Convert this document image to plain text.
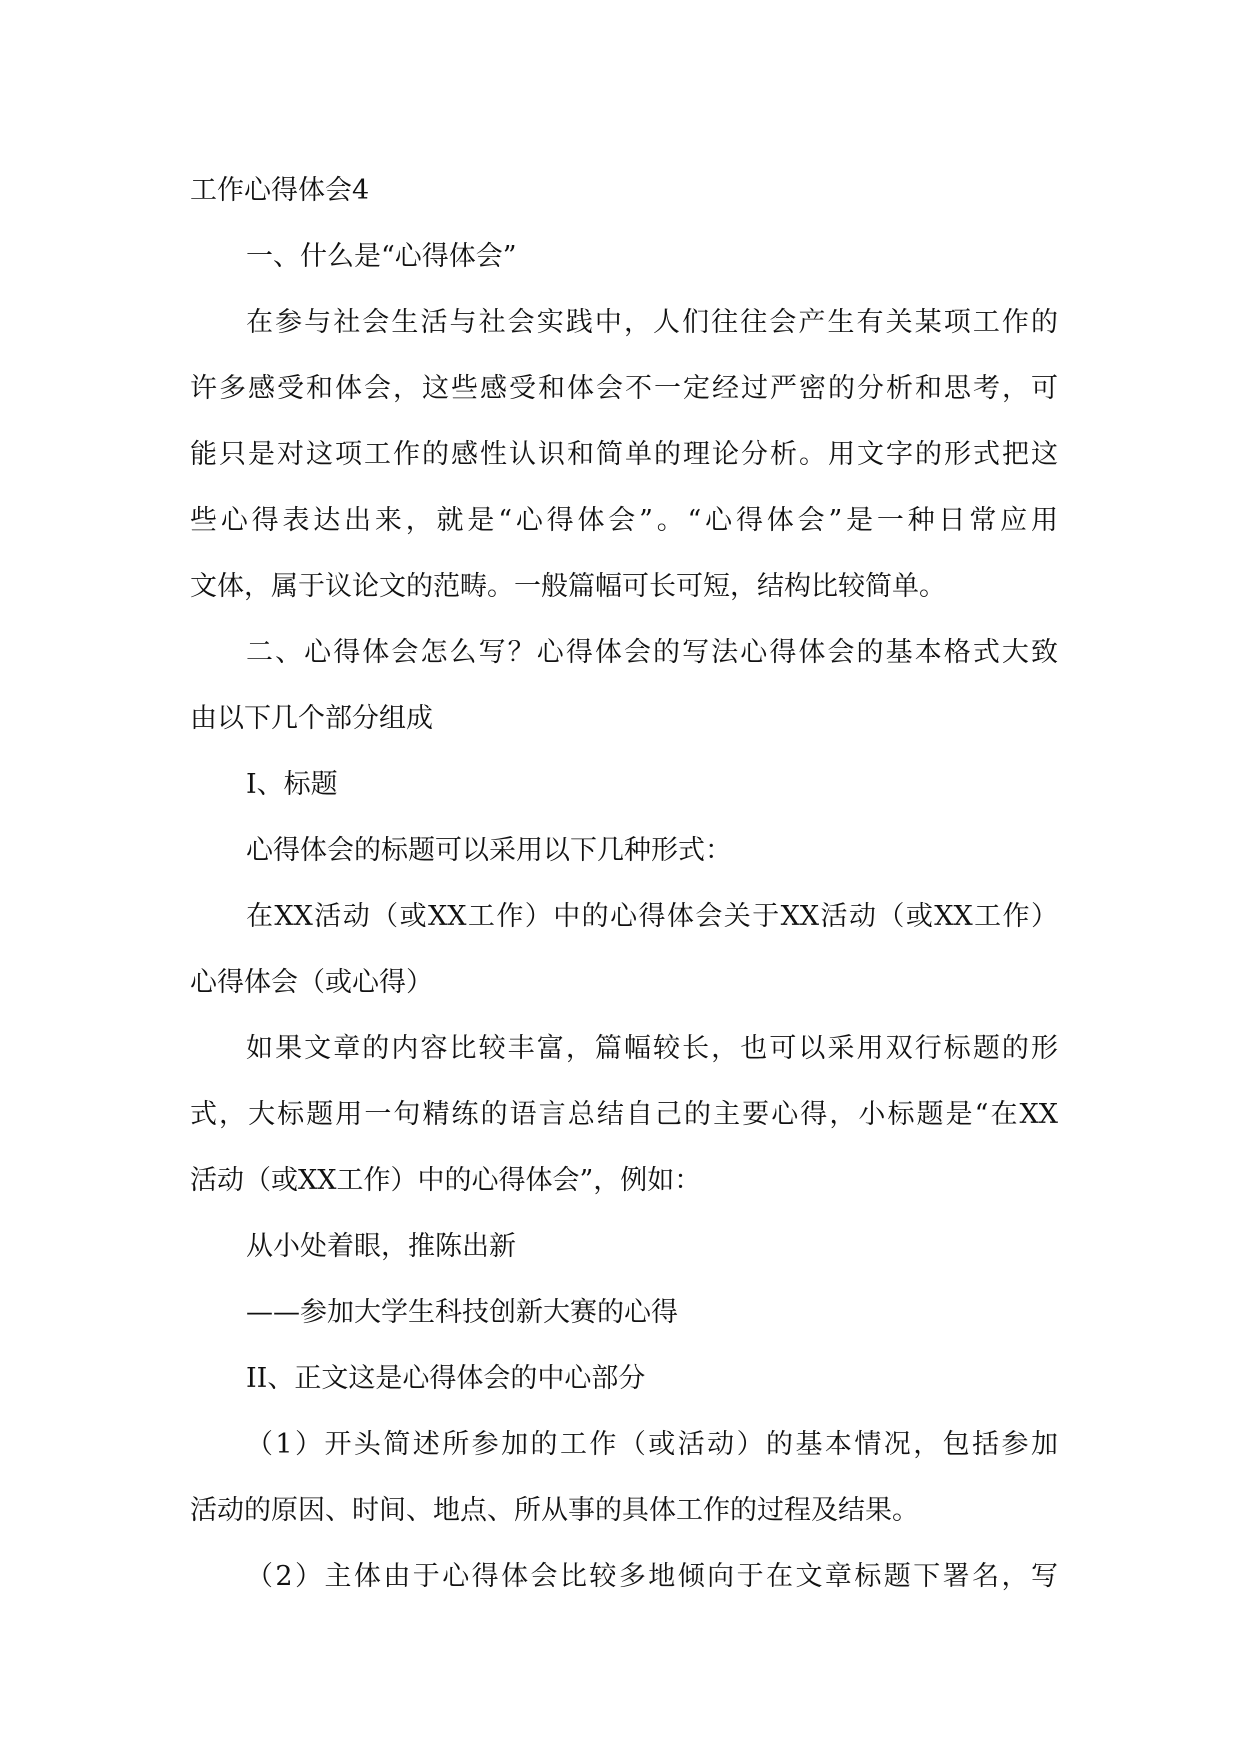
工作心得体会4
一、什么是“心得体会”
在参与社会生活与社会实践中，人们往往会产生有关某项工作的
许多感受和体会，这些感受和体会不一定经过严密的分析和思考，可
能只是对这项工作的感性认识和简单的理论分析。用文字的形式把这
些心得表达出来，就是“心得体会”。“心得体会”是一种日常应用
文体，属于议论文的范畴。一般篇幅可长可短，结构比较简单。
二、心得体会怎么写？心得体会的写法心得体会的基本格式大致
由以下几个部分组成
I、标题
心得体会的标题可以采用以下几种形式：
在XX活动（或XX工作）中的心得体会关于XX活动（或XX工作）
心得体会（或心得）
如果文章的内容比较丰富，篇幅较长，也可以采用双行标题的形
式，大标题用一句精练的语言总结自己的主要心得，小标题是“在XX
活动（或XX工作）中的心得体会”，例如：
从小处着眼，推陈出新
——参加大学生科技创新大赛的心得
II、正文这是心得体会的中心部分
（1）开头简述所参加的工作（或活动）的基本情况，包括参加
活动的原因、时间、地点、所从事的具体工作的过程及结果。
（2）主体由于心得体会比较多地倾向于在文章标题下署名，写
